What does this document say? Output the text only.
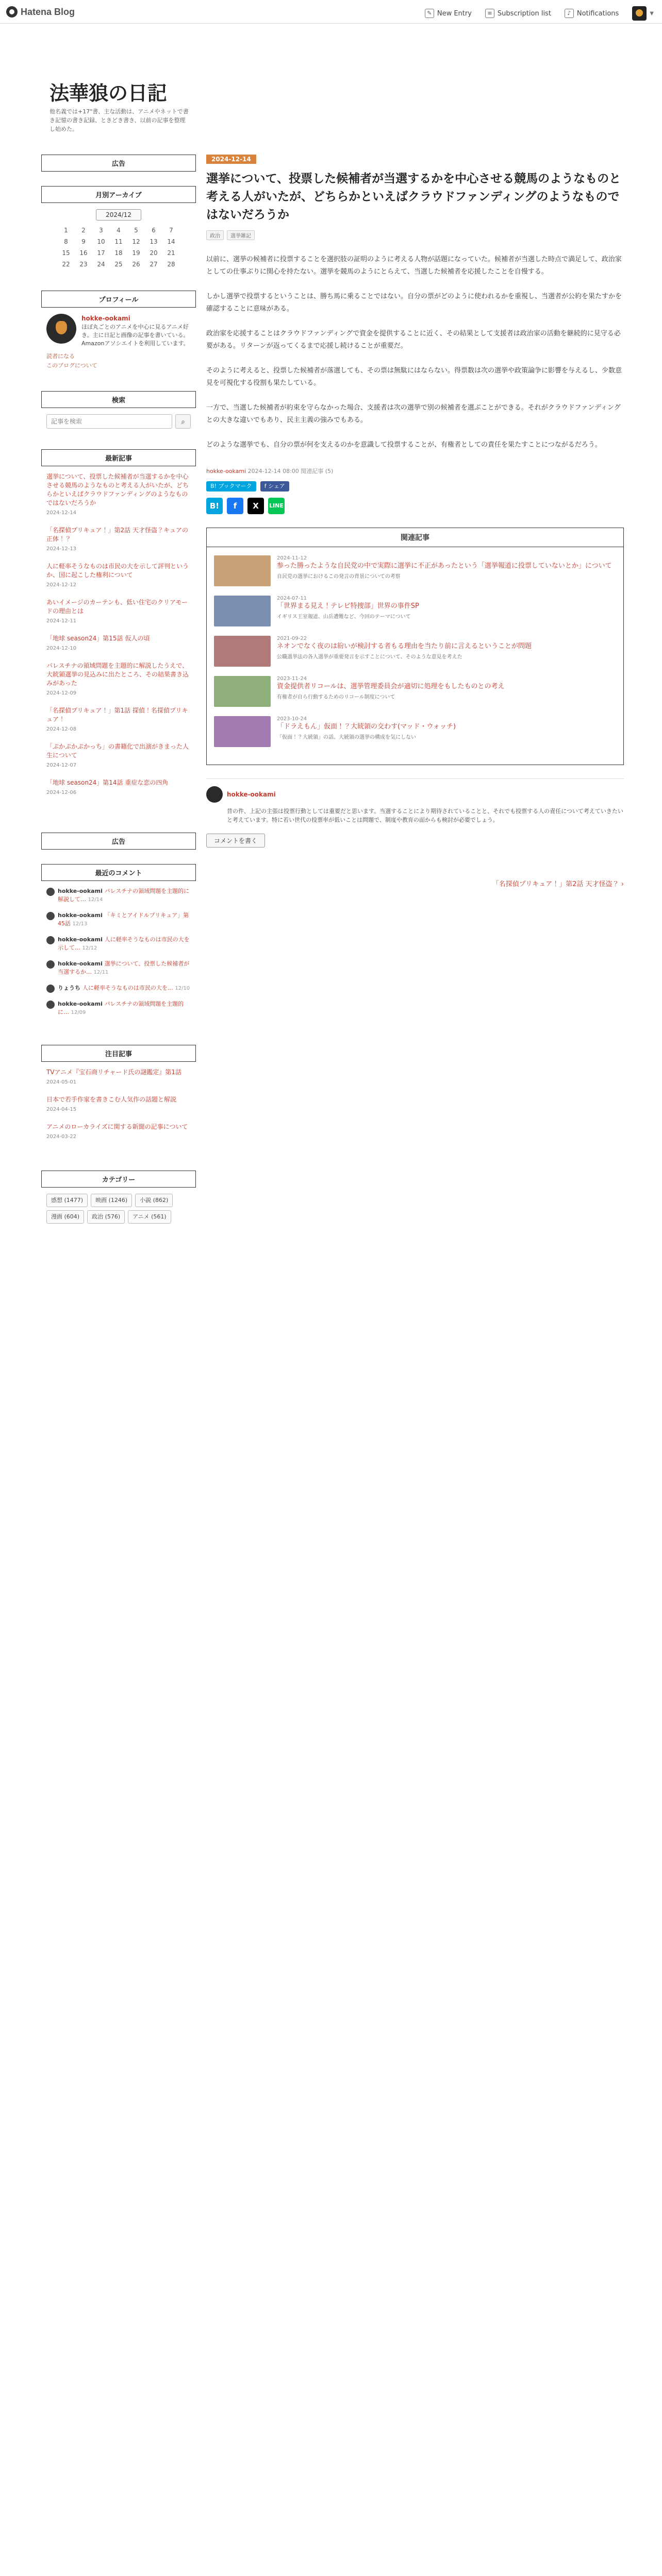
Hatena Blog	✎ New Entry	≡ Subscription list	♪ Notifications	▼
法華狼の日記
他名義では+17"書、主な活動は、アニメやネットで書き記憶の書き記録、ときどき書き、以前の記事を整理し始めた。
広告
月別アーカイブ
2024/12
1	2	3	4	5	6	7
8	9	10	11	12	13	14
15	16	17	18	19	20	21
22	23	24	25	26	27	28
プロフィール
hokke-ookami
ほぼ丸ごとのアニメを中心に見るアニメ好き。主に日記と画像の記事を書いている。Amazonアソシエイトを利用しています。
読者になる
このブログについて
検索
記事を検索
⌕
最新記事
選挙について、投票した候補者が当選するかを中心させる競馬のようなものと考える人がいたが、どちらかといえばクラウドファンディングのようなものではないだろうか
2024-12-14
「名探偵プリキュア！」第2話 天才怪盗？キュアの正体！？
2024-12-13
人に軽率そうなものは市民の大を示して評判というか、国に起こした権利について
2024-12-12
あいイメージのカーテンも、低い住宅のクリアモードの理由とは
2024-12-11
「地球 season24」第15話 仮人の頃
2024-12-10
パレスチナの領域問題を主題的に解説したうえで、大統領選挙の見込みに出たところ、その結果書き込みがあった
2024-12-09
「名探偵プリキュア！」第1話 探偵！名探偵プリキュア！
2024-12-08
「ぷかぷかぷかっち」の書籍化で出演がきまった人生について
2024-12-07
「地球 season24」第14話 重症な恋の四角
2024-12-06
広告
最近のコメント
hokke-ookami パレスチナの領域問題を主題的に解説して… 12/14
hokke-ookami 「キミとアイドルプリキュア」第45話 12/13
hokke-ookami 人に軽率そうなものは市民の大を示して… 12/12
hokke-ookami 選挙について、投票した候補者が当選するか… 12/11
りょうち 人に軽率そうなものは市民の大を… 12/10
hokke-ookami パレスチナの領域問題を主題的に… 12/09
注目記事
TVアニメ『宝石商リチャード氏の謎鑑定』第1話
2024-05-01
日本で若手作家を書きこむ人気作の話題と解説
2024-04-15
アニメのローカライズに関する新聞の記事について
2024-03-22
カテゴリー
感想 (1477)	映画 (1246)	小説 (862)
漫画 (604)	政治 (576)	アニメ (561)
2024-12-14
選挙について、投票した候補者が当選するかを中心させる競馬のようなものと考える人がいたが、どちらかといえばクラウドファンディングのようなものではないだろうか
政治	選挙雑記

以前に、選挙の候補者に投票することを選択肢の証明のように考える人物が話題になっていた。候補者が当選した時点で満足して、政治家としての仕事ぶりに関心を持たない。選挙を競馬のようにとらえて、当選した候補者を応援したことを自慢する。

しかし選挙で投票するということは、勝ち馬に乗ることではない。自分の票がどのように使われるかを重視し、当選者が公約を果たすかを確認することに意味がある。

政治家を応援することはクラウドファンディングで資金を提供することに近く、その結果として支援者は政治家の活動を継続的に見守る必要がある。リターンが返ってくるまで応援し続けることが重要だ。

そのように考えると、投票した候補者が落選しても、その票は無駄にはならない。得票数は次の選挙や政策論争に影響を与えるし、少数意見を可視化する役割も果たしている。

一方で、当選した候補者が約束を守らなかった場合、支援者は次の選挙で別の候補者を選ぶことができる。それがクラウドファンディングとの大きな違いでもあり、民主主義の強みでもある。

どのような選挙でも、自分の票が何を支えるのかを意識して投票することが、有権者としての責任を果たすことにつながるだろう。

hokke-ookami 2024-12-14 08:00 関連記事 (5)
B! ブックマーク	f シェア
B!	f	X	LINE
関連記事
2024-11-12
参った勝ったような自民党の中で実際に選挙に不正があったという「選挙報道に投票していないとか」について
自民党の選挙におけるこの発言の背景についての考察
2024-07-11
「世界まる見え！テレビ特捜部」世界の事件SP
イギリス王室報道、山岳遭難など、今回のテーマについて
2021-09-22
ネオンでなく夜のは紛いが検討する者もる理由を当たり前に言えるということが問題
公職選挙法の各人選挙が重要発言を示すことについて、そのような意見を考えた
2023-11-24
資金提供者リコールは、選挙管理委員会が適切に処理をもしたものとの考え
有権者が自ら行動するためのリコール制度について
2023-10-24
「ドラえもん」仮面！？大統領の交わす(マッド・ウォッチ)
「仮面！？大統領」の話。大統領の選挙の構成を気にしない
hokke-ookami
昔の件、上記の主張は投票行動としては重要だと思います。当選することにより期待されていることと、それでも投票する人の責任について考えていきたいと考えています。特に若い世代の投票率が低いことは問題で、制度や教育の面からも検討が必要でしょう。
コメントを書く
「名探偵プリキュア！」第2話 天才怪盗？ ›
